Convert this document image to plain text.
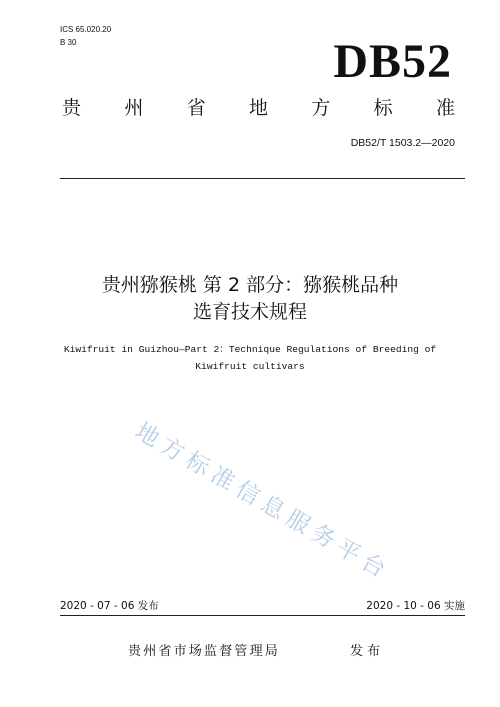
ICS 65.020.20
B 30	DB52
贵 州 省 地 方 标 准
DB52/T 1503.2—2020
贵州猕猴桃 第 2 部分：猕猴桃品种
选育技术规程
Kiwifruit in Guizhou—Part 2：Technique Regulations of Breeding of
Kiwifruit cultivars
地方标准信息服务平台
2020 - 07 - 06 发布	2020 - 10 - 06 实施
贵州省市场监督管理局	发 布
